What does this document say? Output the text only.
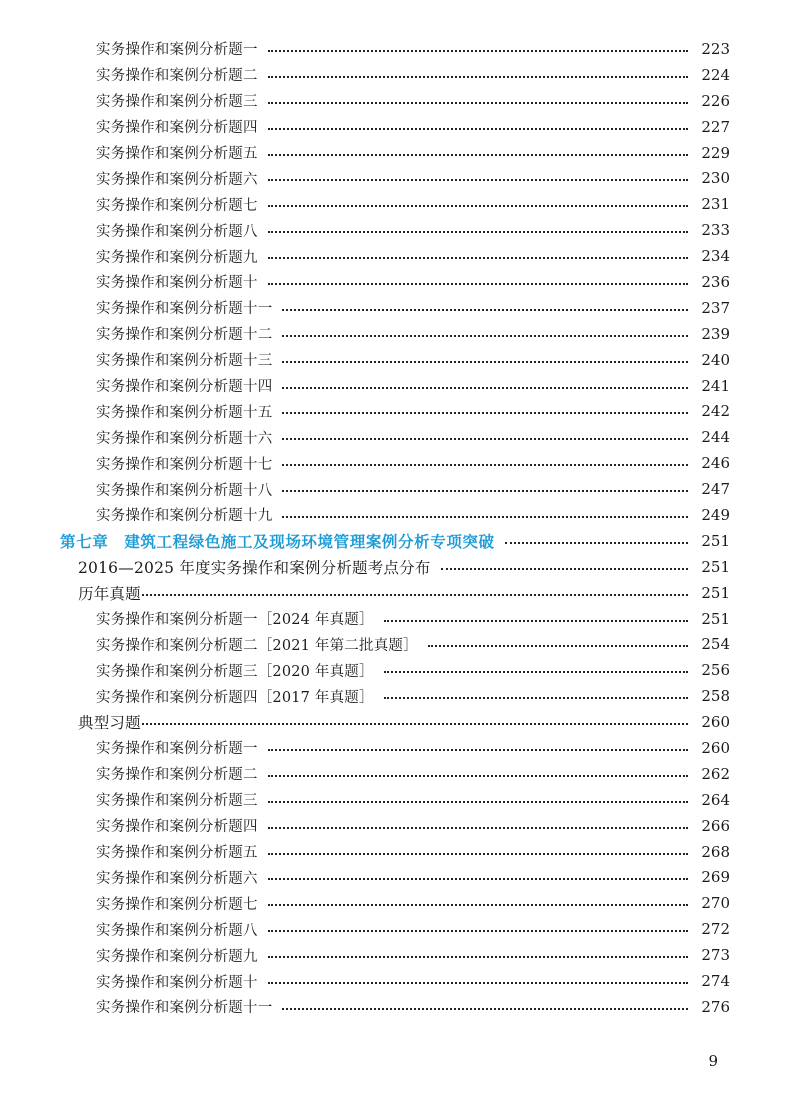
实务操作和案例分析题一	223
实务操作和案例分析题二	224
实务操作和案例分析题三	226
实务操作和案例分析题四	227
实务操作和案例分析题五	229
实务操作和案例分析题六	230
实务操作和案例分析题七	231
实务操作和案例分析题八	233
实务操作和案例分析题九	234
实务操作和案例分析题十	236
实务操作和案例分析题十一	237
实务操作和案例分析题十二	239
实务操作和案例分析题十三	240
实务操作和案例分析题十四	241
实务操作和案例分析题十五	242
实务操作和案例分析题十六	244
实务操作和案例分析题十七	246
实务操作和案例分析题十八	247
实务操作和案例分析题十九	249
第七章 建筑工程绿色施工及现场环境管理案例分析专项突破	251
2016—2025 年度实务操作和案例分析题考点分布	251
历年真题	251
实务操作和案例分析题一［2024 年真题］	251
实务操作和案例分析题二［2021 年第二批真题］	254
实务操作和案例分析题三［2020 年真题］	256
实务操作和案例分析题四［2017 年真题］	258
典型习题	260
实务操作和案例分析题一	260
实务操作和案例分析题二	262
实务操作和案例分析题三	264
实务操作和案例分析题四	266
实务操作和案例分析题五	268
实务操作和案例分析题六	269
实务操作和案例分析题七	270
实务操作和案例分析题八	272
实务操作和案例分析题九	273
实务操作和案例分析题十	274
实务操作和案例分析题十一	276
9
